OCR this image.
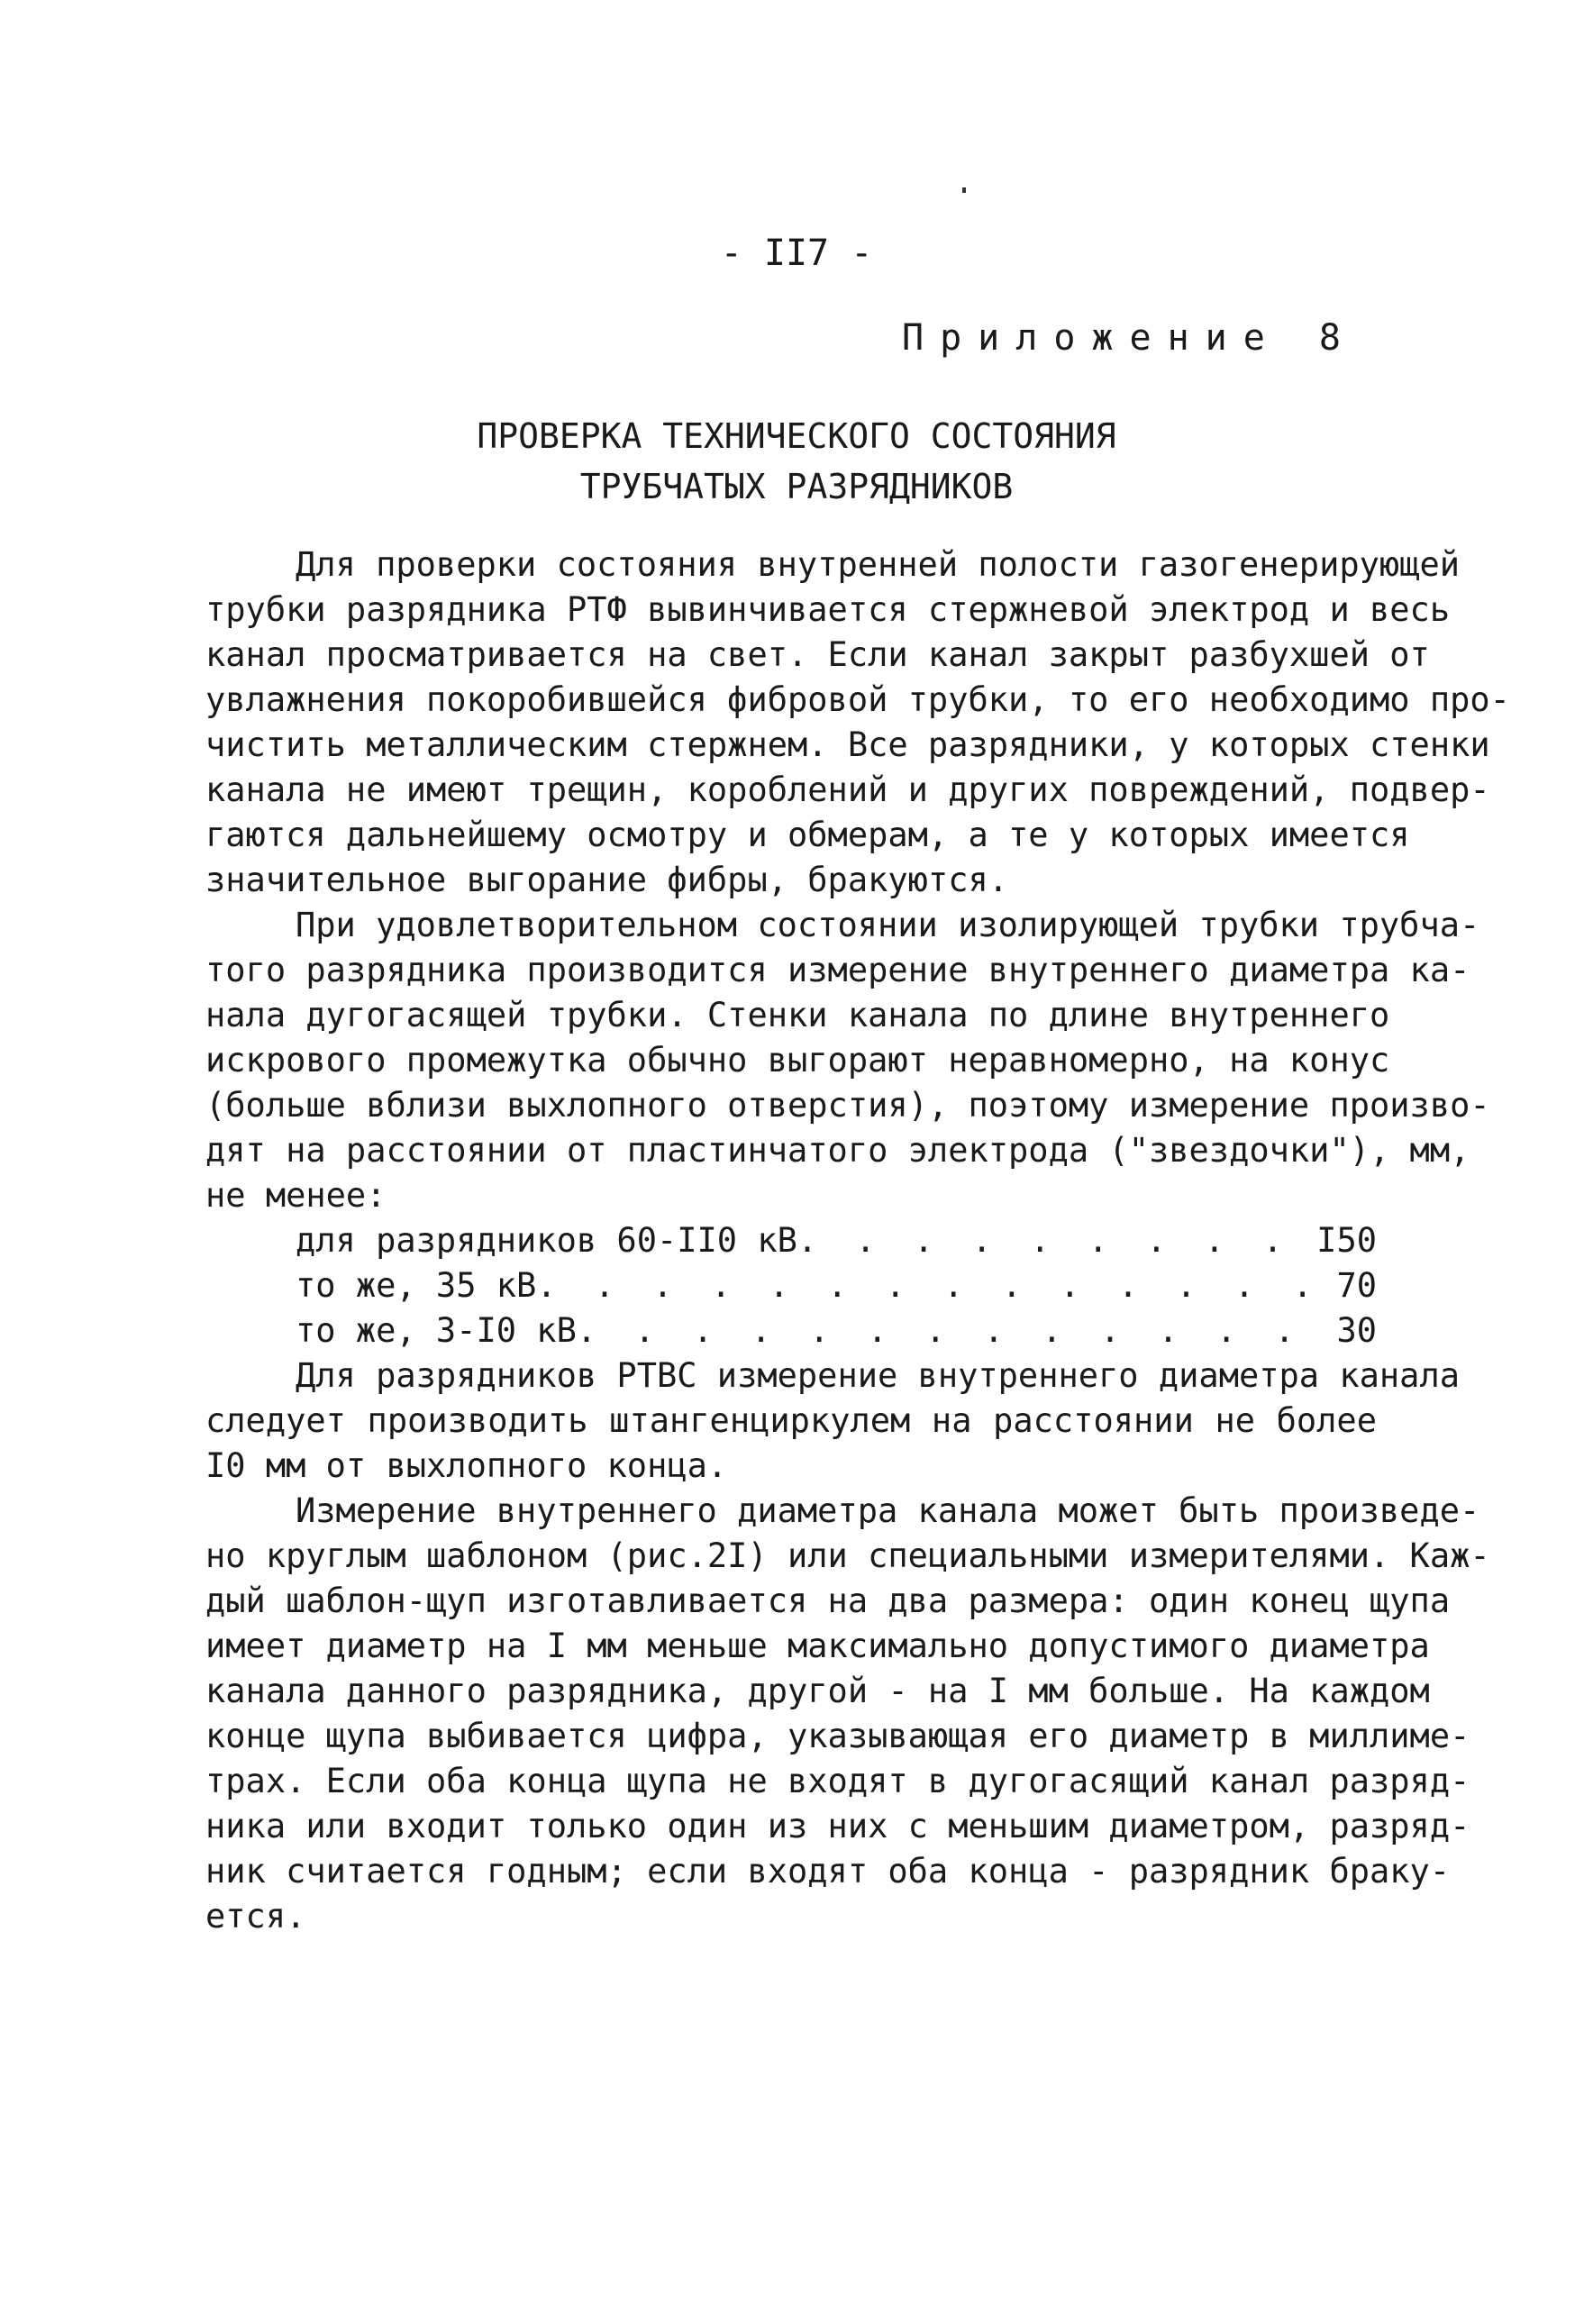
- II7 -
Приложение 8
ПРОВЕРКА ТЕХНИЧЕСКОГО СОСТОЯНИЯ
ТРУБЧАТЫХ РАЗРЯДНИКОВ
Для проверки состояния внутренней полости газогенерирующей
трубки разрядника РТФ вывинчивается стержневой электрод и весь
канал просматривается на свет. Если канал закрыт разбухшей от
увлажнения покоробившейся фибровой трубки, то его необходимо про-
чистить металлическим стержнем. Все разрядники, у которых стенки
канала не имеют трещин, короблений и других повреждений, подвер-
гаются дальнейшему осмотру и обмерам, а те у которых имеется
значительное выгорание фибры, бракуются.
При удовлетворительном состоянии изолирующей трубки трубча-
того разрядника производится измерение внутреннего диаметра ка-
нала дугогасящей трубки. Стенки канала по длине внутреннего
искрового промежутка обычно выгорают неравномерно, на конус
(больше вблизи выхлопного отверстия), поэтому измерение произво-
дят на расстоянии от пластинчатого электрода ("звездочки"), мм,
не менее:
для разрядников 60-II0 кВ . . .	I50
то же, 35 кВ . . .	70
то же, 3-I0 кВ . . .	30
Для разрядников РТВС измерение внутреннего диаметра канала
следует производить штангенциркулем на расстоянии не более
I0 мм от выхлопного конца.
Измерение внутреннего диаметра канала может быть произведе-
но круглым шаблоном (рис.2I) или специальными измерителями. Каж-
дый шаблон-щуп изготавливается на два размера: один конец щупа
имеет диаметр на I мм меньше максимально допустимого диаметра
канала данного разрядника, другой - на I мм больше. На каждом
конце щупа выбивается цифра, указывающая его диаметр в миллиме-
трах. Если оба конца щупа не входят в дугогасящий канал разряд-
ника или входит только один из них с меньшим диаметром, разряд-
ник считается годным; если входят оба конца - разрядник браку-
ется.
